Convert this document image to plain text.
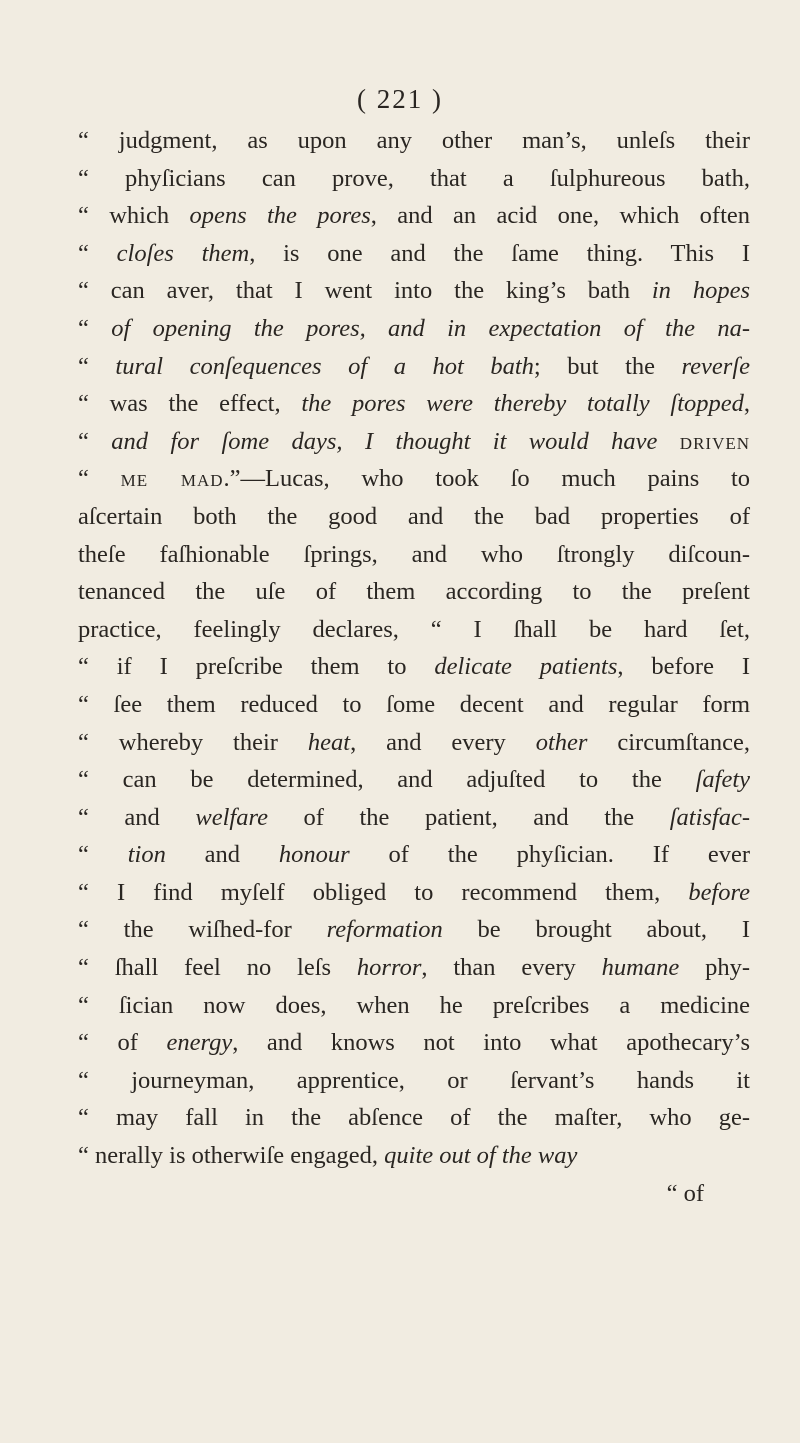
( 221 )
“ judgment, as upon any other man’s, unleſs their
“ phyſicians can prove, that a ſulphureous bath,
“ which opens the pores, and an acid one, which often
“ cloſes them, is one and the ſame thing. This I
“ can aver, that I went into the king’s bath in hopes
“ of opening the pores, and in expectation of the na-
“ tural conſequences of a hot bath; but the reverſe
“ was the effect, the pores were thereby totally ſtopped,
“ and for ſome days, I thought it would have driven
“ me mad.”—Lucas, who took ſo much pains to
aſcertain both the good and the bad properties of
theſe faſhionable ſprings, and who ſtrongly diſcoun-
tenanced the uſe of them according to the preſent
practice, feelingly declares, “ I ſhall be hard ſet,
“ if I preſcribe them to delicate patients, before I
“ ſee them reduced to ſome decent and regular form
“ whereby their heat, and every other circumſtance,
“ can be determined, and adjuſted to the ſafety
“ and welfare of the patient, and the ſatisfac-
“ tion and honour of the phyſician. If ever
“ I find myſelf obliged to recommend them, before
“ the wiſhed-for reformation be brought about, I
“ ſhall feel no leſs horror, than every humane phy-
“ ſician now does, when he preſcribes a medicine
“ of energy, and knows not into what apothecary’s
“ journeyman, apprentice, or ſervant’s hands it
“ may fall in the abſence of the maſter, who ge-
“ nerally is otherwiſe engaged, quite out of the way
“ of
